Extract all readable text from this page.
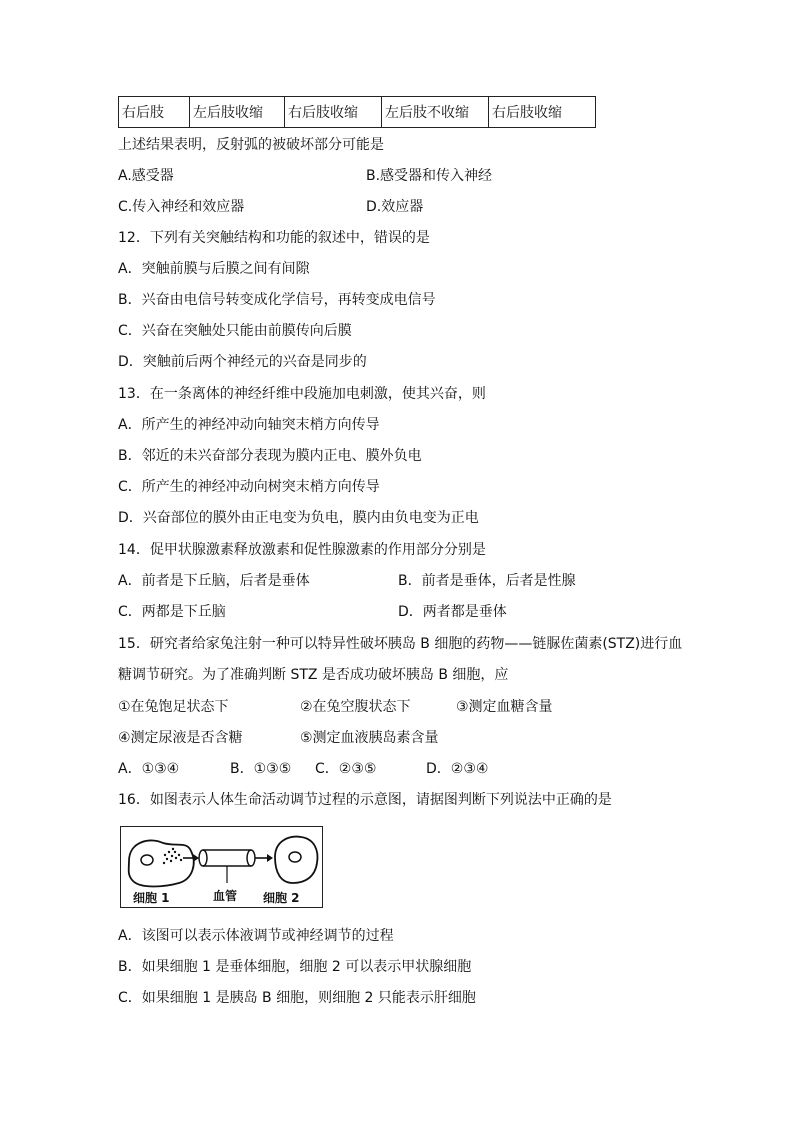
右后肢	左后肢收缩	右后肢收缩	左后肢不收缩	右后肢收缩
上述结果表明，反射弧的被破坏部分可能是
A.感受器	B.感受器和传入神经
C.传入神经和效应器	D.效应器
12．下列有关突触结构和功能的叙述中，错误的是
A．突触前膜与后膜之间有间隙
B．兴奋由电信号转变成化学信号，再转变成电信号
C．兴奋在突触处只能由前膜传向后膜
D．突触前后两个神经元的兴奋是同步的
13．在一条离体的神经纤维中段施加电刺激，使其兴奋，则
A．所产生的神经冲动向轴突末梢方向传导
B．邻近的未兴奋部分表现为膜内正电、膜外负电
C．所产生的神经冲动向树突末梢方向传导
D．兴奋部位的膜外由正电变为负电，膜内由负电变为正电
14．促甲状腺激素释放激素和促性腺激素的作用部分分别是
A．前者是下丘脑，后者是垂体	B．前者是垂体，后者是性腺
C．两都是下丘脑	D．两者都是垂体
15．研究者给家兔注射一种可以特异性破坏胰岛 B 细胞的药物——链脲佐菌素(STZ)进行血
糖调节研究。为了准确判断 STZ 是否成功破坏胰岛 B 细胞，应
①在兔饱足状态下	②在兔空腹状态下	③测定血糖含量
④测定尿液是否含糖	⑤测定血液胰岛素含量
A．①③④	B．①③⑤ C．②③⑤	D．②③④
16．如图表示人体生命活动调节过程的示意图，请据图判断下列说法中正确的是
细胞 1	血管 细胞 2
A．该图可以表示体液调节或神经调节的过程
B．如果细胞 1 是垂体细胞，细胞 2 可以表示甲状腺细胞
C．如果细胞 1 是胰岛 B 细胞，则细胞 2 只能表示肝细胞
